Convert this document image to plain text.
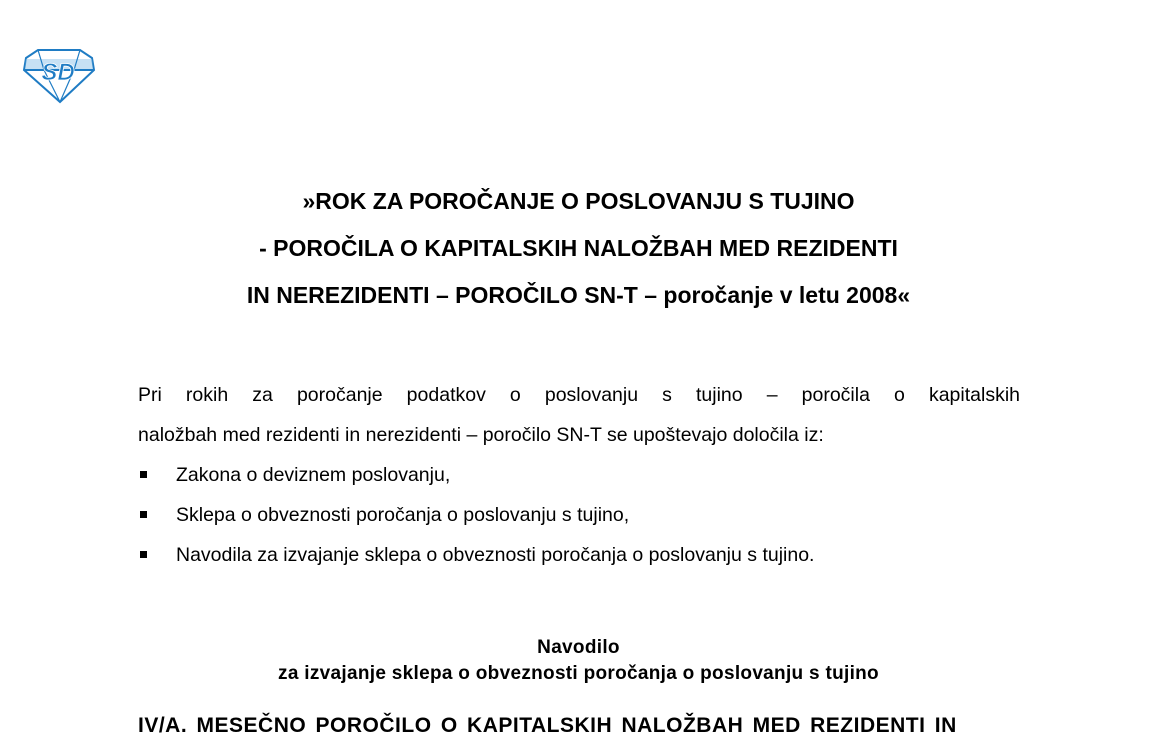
SD
»ROK ZA POROČANJE O POSLOVANJU S TUJINO
- POROČILA O KAPITALSKIH NALOŽBAH MED REZIDENTI
IN NEREZIDENTI – POROČILO SN-T – poročanje v letu 2008«
Pri rokih za poročanje podatkov o poslovanju s tujino – poročila o kapitalskih
naložbah med rezidenti in nerezidenti – poročilo SN-T se upoštevajo določila iz:
Zakona o deviznem poslovanju,
Sklepa o obveznosti poročanja o poslovanju s tujino,
Navodila za izvajanje sklepa o obveznosti poročanja o poslovanju s tujino.
Navodilo
za izvajanje sklepa o obveznosti poročanja o poslovanju s tujino
IV/A. MESEČNO POROČILO O KAPITALSKIH NALOŽBAH MED REZIDENTI IN
